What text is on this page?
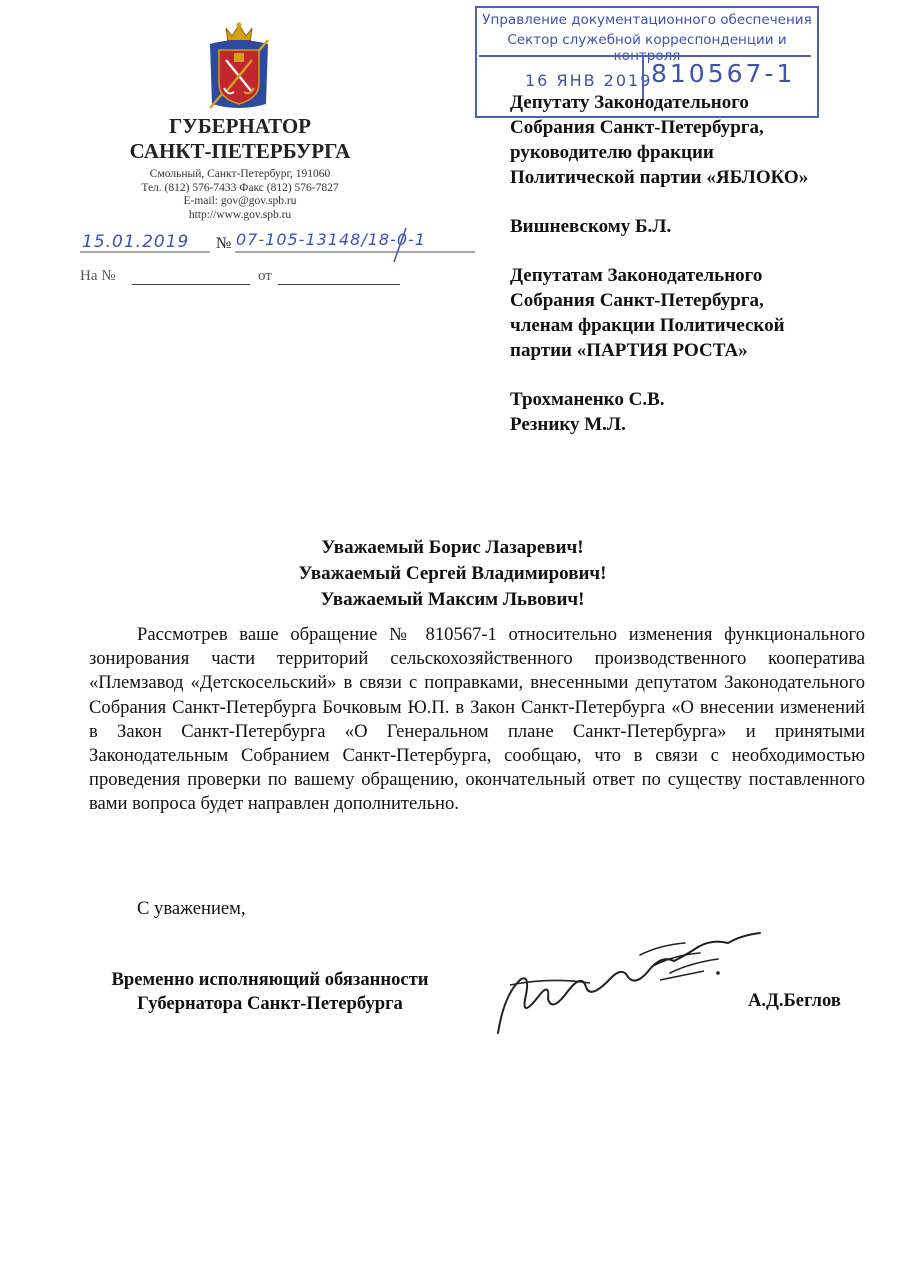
ГУБЕРНАТОР
САНКТ-ПЕТЕРБУРГА
Смольный, Санкт-Петербург, 191060
Тел. (812) 576-7433 Факс (812) 576-7827
E-mail: gov@gov.spb.ru
http://www.gov.spb.ru
15.01.2019 № 07-105-13148/18-0-1
На №	от
Управление документационного обеспечения
Сектор служебной корреспонденции и контроля
16 ЯНВ 2019
810567-1

Депутату Законодательного

Собрания Санкт-Петербурга,

руководителю фракции

Политической партии «ЯБЛОКО»

Вишневскому Б.Л.

Депутатам Законодательного

Собрания Санкт-Петербурга,

членам фракции Политической

партии «ПАРТИЯ РОСТА»

Трохманенко С.В.

Резнику М.Л.

Уважаемый Борис Лазаревич!
Уважаемый Сергей Владимирович!
Уважаемый Максим Львович!

Рассмотрев ваше обращение № 810567-1 относительно изменения функционального зонирования части территорий сельскохозяйственного производственного кооператива «Племзавод «Детскосельский» в связи с поправками, внесенными депутатом Законодательного Собрания Санкт-Петербурга Бочковым Ю.П. в Закон Санкт-Петербурга «О внесении изменений в Закон Санкт-Петербурга «О Генеральном плане Санкт-Петербурга» и принятыми Законодательным Собранием Санкт-Петербурга, сообщаю, что в связи с необходимостью проведения проверки по вашему обращению, окончательный ответ по существу поставленного вами вопроса будет направлен дополнительно.

С уважением,
Временно исполняющий обязанности
Губернатора Санкт-Петербурга	А.Д.Беглов
